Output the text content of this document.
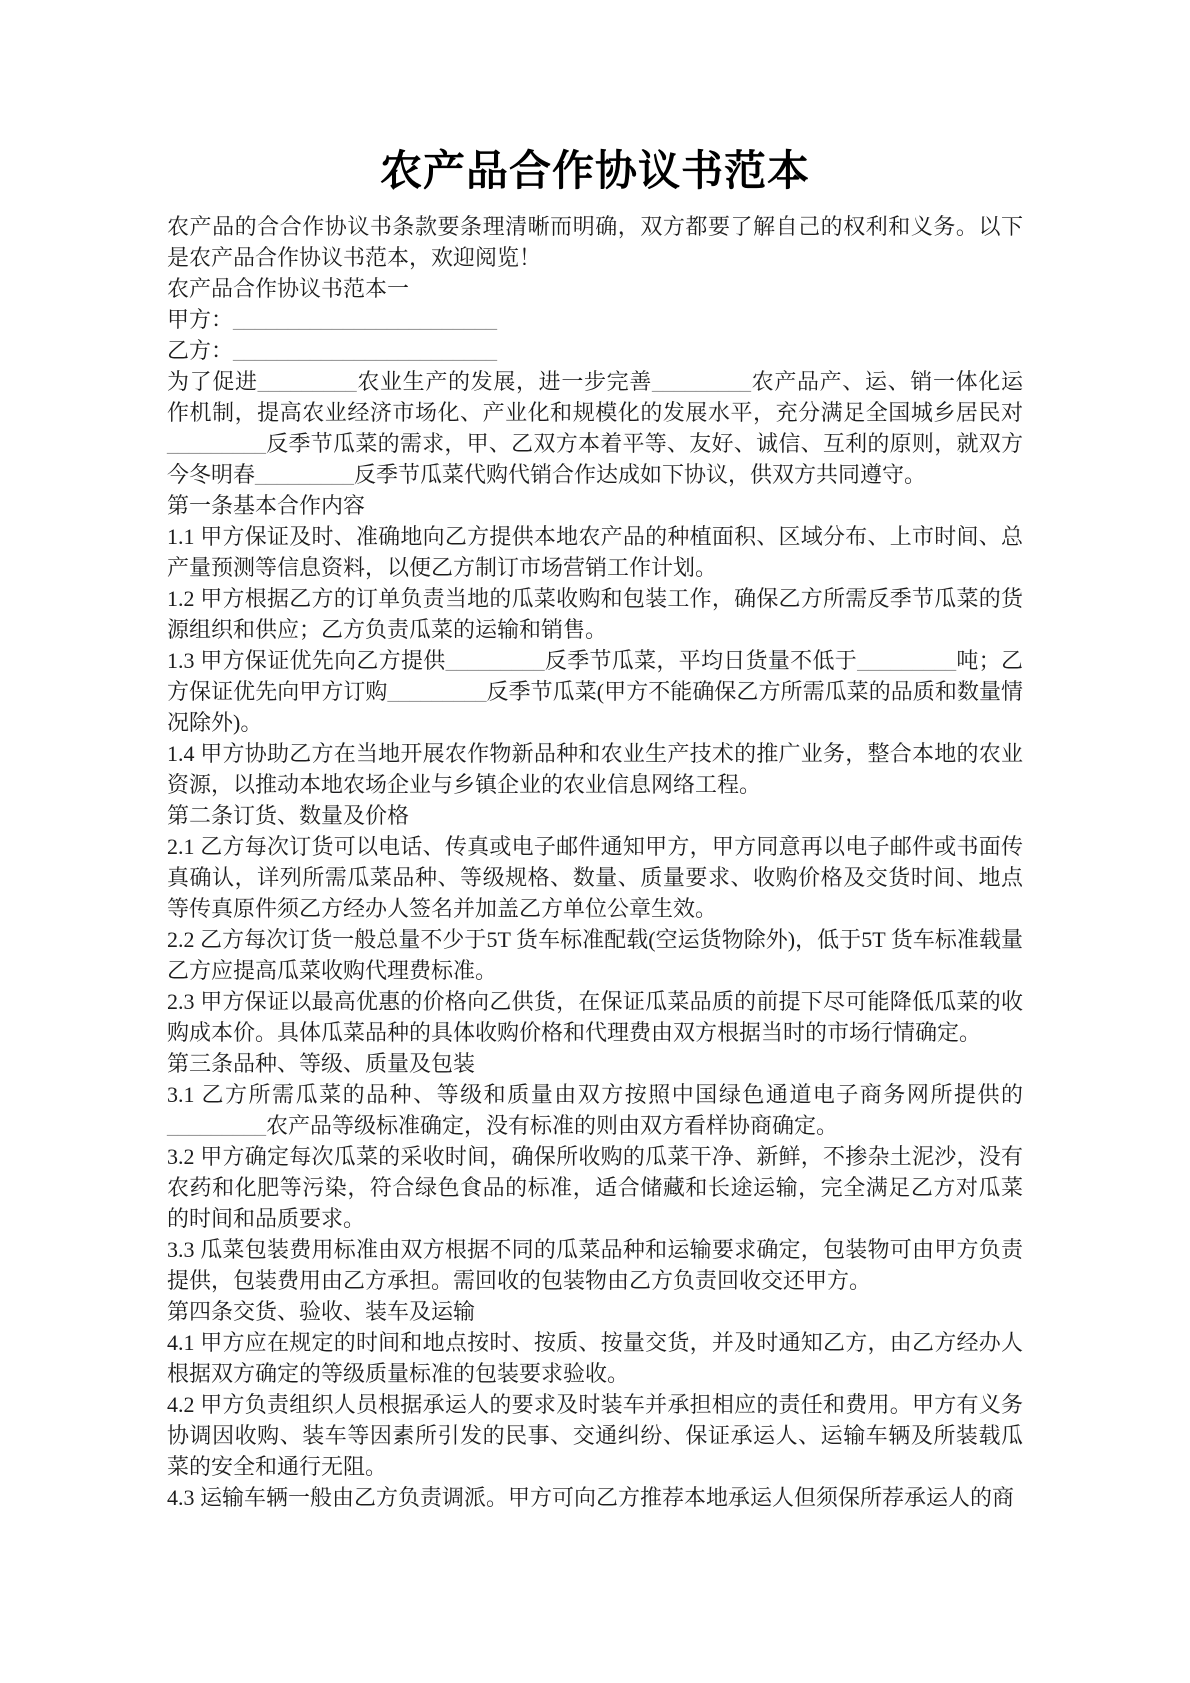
农产品合作协议书范本

农产品的合合作协议书条款要条理清晰而明确，双方都要了解自己的权利和义务。以下是农产品合作协议书范本，欢迎阅览！

农产品合作协议书范本一

甲方：________________________

乙方：________________________

为了促进_________农业生产的发展，进一步完善_________农产品产、运、销一体化运作机制，提高农业经济市场化、产业化和规模化的发展水平，充分满足全国城乡居民对_________反季节瓜菜的需求，甲、乙双方本着平等、友好、诚信、互利的原则，就双方今冬明春_________反季节瓜菜代购代销合作达成如下协议，供双方共同遵守。

第一条基本合作内容

1.1 甲方保证及时、准确地向乙方提供本地农产品的种植面积、区域分布、上市时间、总产量预测等信息资料，以便乙方制订市场营销工作计划。

1.2 甲方根据乙方的订单负责当地的瓜菜收购和包装工作，确保乙方所需反季节瓜菜的货源组织和供应；乙方负责瓜菜的运输和销售。

1.3 甲方保证优先向乙方提供_________反季节瓜菜，平均日货量不低于_________吨；乙方保证优先向甲方订购_________反季节瓜菜(甲方不能确保乙方所需瓜菜的品质和数量情况除外)。

1.4 甲方协助乙方在当地开展农作物新品种和农业生产技术的推广业务，整合本地的农业资源，以推动本地农场企业与乡镇企业的农业信息网络工程。

第二条订货、数量及价格

2.1 乙方每次订货可以电话、传真或电子邮件通知甲方，甲方同意再以电子邮件或书面传真确认，详列所需瓜菜品种、等级规格、数量、质量要求、收购价格及交货时间、地点等传真原件须乙方经办人签名并加盖乙方单位公章生效。

2.2 乙方每次订货一般总量不少于5T 货车标准配载(空运货物除外)，低于5T 货车标准载量乙方应提高瓜菜收购代理费标准。

2.3 甲方保证以最高优惠的价格向乙供货，在保证瓜菜品质的前提下尽可能降低瓜菜的收购成本价。具体瓜菜品种的具体收购价格和代理费由双方根据当时的市场行情确定。

第三条品种、等级、质量及包装

3.1 乙方所需瓜菜的品种、等级和质量由双方按照中国绿色通道电子商务网所提供的_________农产品等级标准确定，没有标准的则由双方看样协商确定。

3.2 甲方确定每次瓜菜的采收时间，确保所收购的瓜菜干净、新鲜，不掺杂土泥沙，没有农药和化肥等污染，符合绿色食品的标准，适合储藏和长途运输，完全满足乙方对瓜菜的时间和品质要求。

3.3 瓜菜包装费用标准由双方根据不同的瓜菜品种和运输要求确定，包装物可由甲方负责提供，包装费用由乙方承担。需回收的包装物由乙方负责回收交还甲方。

第四条交货、验收、装车及运输

4.1 甲方应在规定的时间和地点按时、按质、按量交货，并及时通知乙方，由乙方经办人根据双方确定的等级质量标准的包装要求验收。

4.2 甲方负责组织人员根据承运人的要求及时装车并承担相应的责任和费用。甲方有义务协调因收购、装车等因素所引发的民事、交通纠纷、保证承运人、运输车辆及所装载瓜菜的安全和通行无阻。

4.3 运输车辆一般由乙方负责调派。甲方可向乙方推荐本地承运人但须保所荐承运人的商
